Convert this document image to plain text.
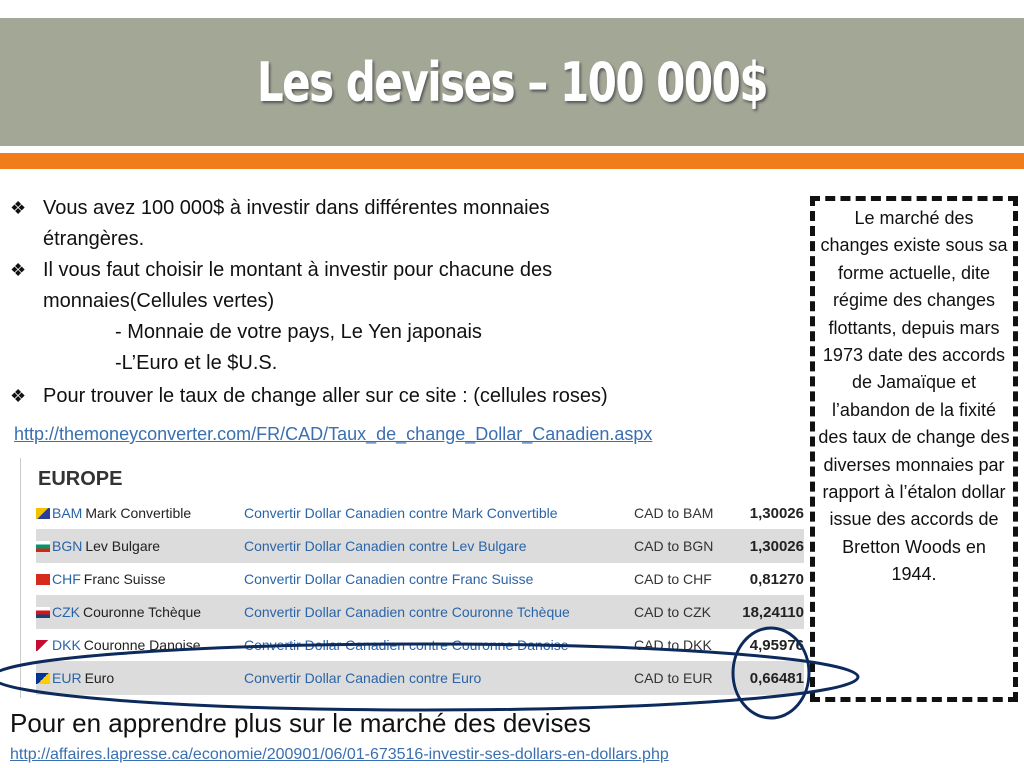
Les devises – 100 000$
❖ Vous avez 100 000$ à investir dans différentes monnaies
étrangères.
❖ Il vous faut choisir le montant à investir pour chacune des
monnaies(Cellules vertes)
- Monnaie de votre pays, Le Yen japonais
-L’Euro et le $U.S.
❖ Pour trouver le taux de change aller sur ce site : (cellules roses)
http://themoneyconverter.com/FR/CAD/Taux_de_change_Dollar_Canadien.aspx
EUROPE
BAM Mark Convertible	Convertir Dollar Canadien contre Mark Convertible	CAD to BAM 1,30026
BGN Lev Bulgare	Convertir Dollar Canadien contre Lev Bulgare	CAD to BGN 1,30026
CHF Franc Suisse	Convertir Dollar Canadien contre Franc Suisse	CAD to CHF	0,81270
CZK Couronne Tchèque	Convertir Dollar Canadien contre Couronne Tchèque	CAD to CZK 18,24110
DKK Couronne Danoise	Convertir Dollar Canadien contre Couronne Danoise	CAD to DKK	4,95976
EUR Euro	Convertir Dollar Canadien contre Euro	CAD to EUR 0,66481
Le marché des changes existe sous sa forme actuelle, dite régime des changes flottants, depuis mars 1973 date des accords de Jamaïque et l’abandon de la fixité des taux de change des diverses monnaies par rapport à l’étalon dollar issue des accords de Bretton Woods en 1944.
Pour en apprendre plus sur le marché des devises
http://affaires.lapresse.ca/economie/200901/06/01-673516-investir-ses-dollars-en-dollars.php
